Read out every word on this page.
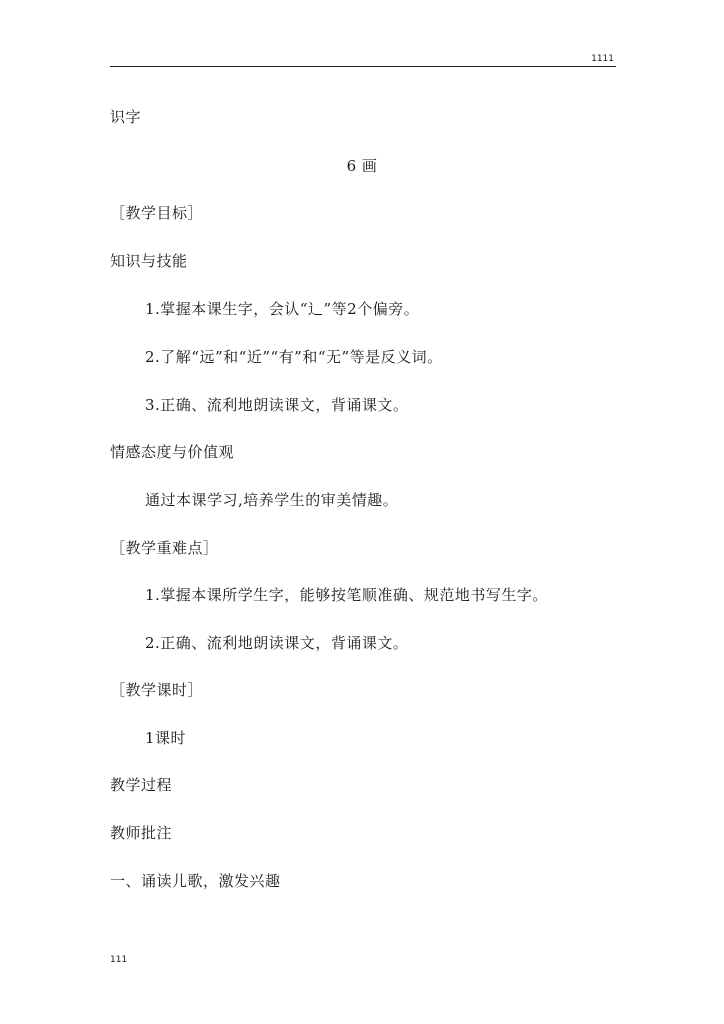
1111
识字
6 画
［教学目标］
知识与技能
1.掌握本课生字，会认“辶”等2个偏旁。
2.了解“远”和“近”“有”和“无”等是反义词。
3.正确、流利地朗读课文，背诵课文。
情感态度与价值观
通过本课学习,培养学生的审美情趣。
［教学重难点］
1.掌握本课所学生字，能够按笔顺准确、规范地书写生字。
2.正确、流利地朗读课文，背诵课文。
［教学课时］
1课时
教学过程
教师批注
一、诵读儿歌，激发兴趣
111
